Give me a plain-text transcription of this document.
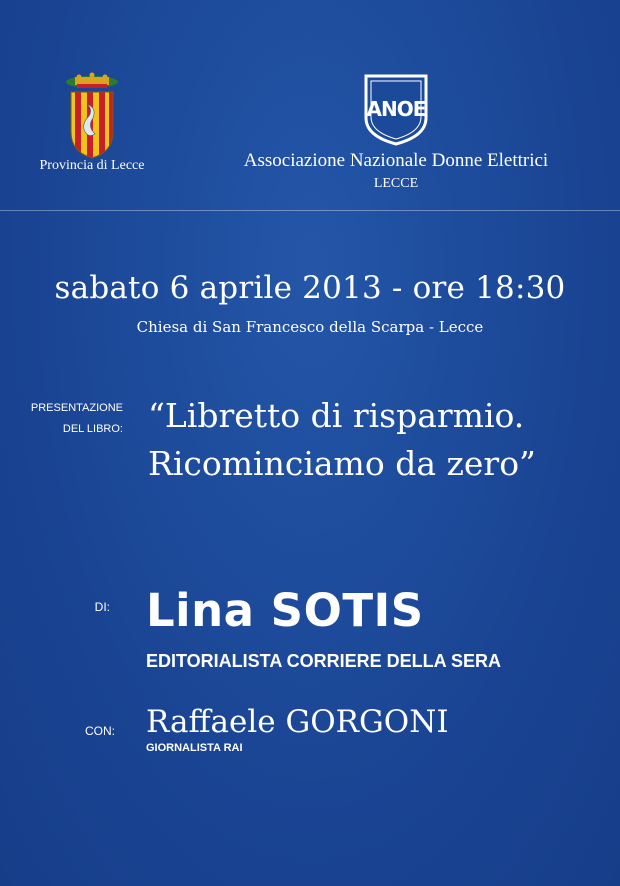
Provincia di Lecce
ANOE
Associazione Nazionale Donne Elettrici
LECCE
sabato 6 aprile 2013 - ore 18:30
Chiesa di San Francesco della Scarpa - Lecce
PRESENTAZIONE
DEL LIBRO: “Libretto di risparmio.
Ricominciamo da zero”
DI: Lina SOTIS
EDITORIALISTA CORRIERE DELLA SERA
CON: Raffaele GORGONI
GIORNALISTA RAI
